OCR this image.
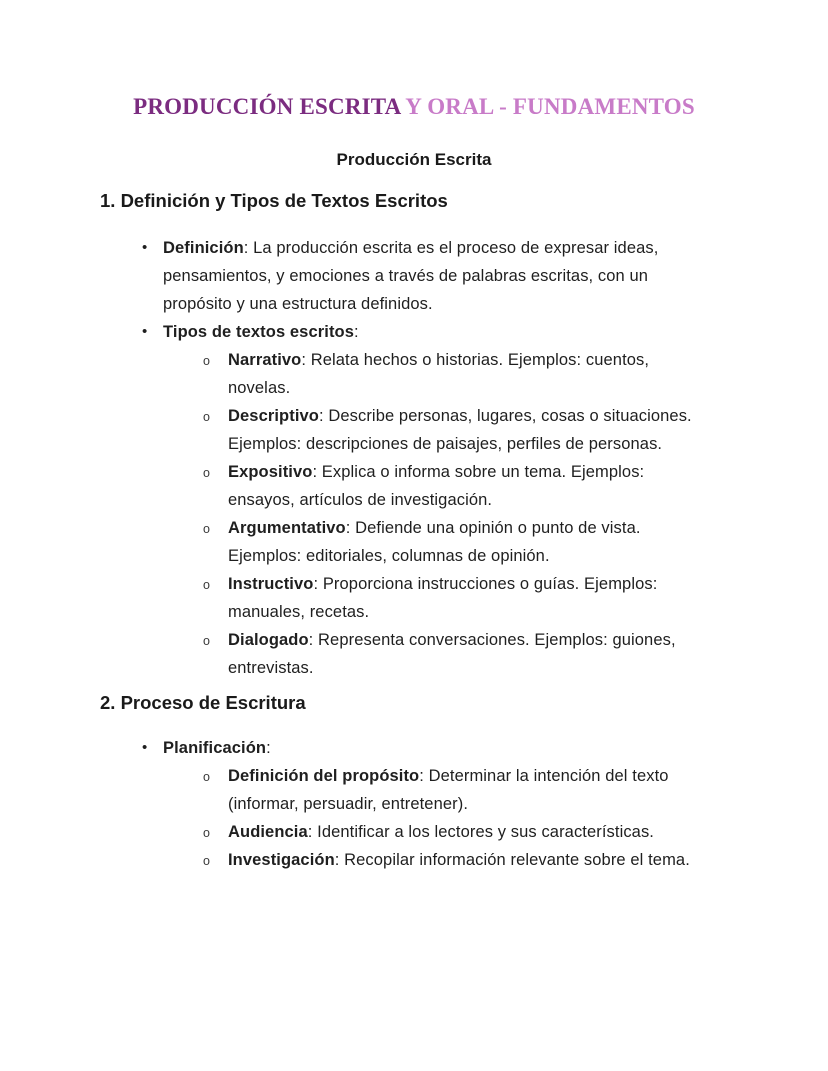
PRODUCCIÓN ESCRITA Y ORAL - FUNDAMENTOS
Producción Escrita
1. Definición y Tipos de Textos Escritos
• Definición: La producción escrita es el proceso de expresar ideas, pensamientos, y emociones a través de palabras escritas, con un propósito y una estructura definidos.
• Tipos de textos escritos:
o Narrativo: Relata hechos o historias. Ejemplos: cuentos, novelas.
o Descriptivo: Describe personas, lugares, cosas o situaciones. Ejemplos: descripciones de paisajes, perfiles de personas.
o Expositivo: Explica o informa sobre un tema. Ejemplos: ensayos, artículos de investigación.
o Argumentativo: Defiende una opinión o punto de vista. Ejemplos: editoriales, columnas de opinión.
o Instructivo: Proporciona instrucciones o guías. Ejemplos: manuales, recetas.
o Dialogado: Representa conversaciones. Ejemplos: guiones, entrevistas.
2. Proceso de Escritura
• Planificación:
o Definición del propósito: Determinar la intención del texto (informar, persuadir, entretener).
o Audiencia: Identificar a los lectores y sus características.
o Investigación: Recopilar información relevante sobre el tema.
